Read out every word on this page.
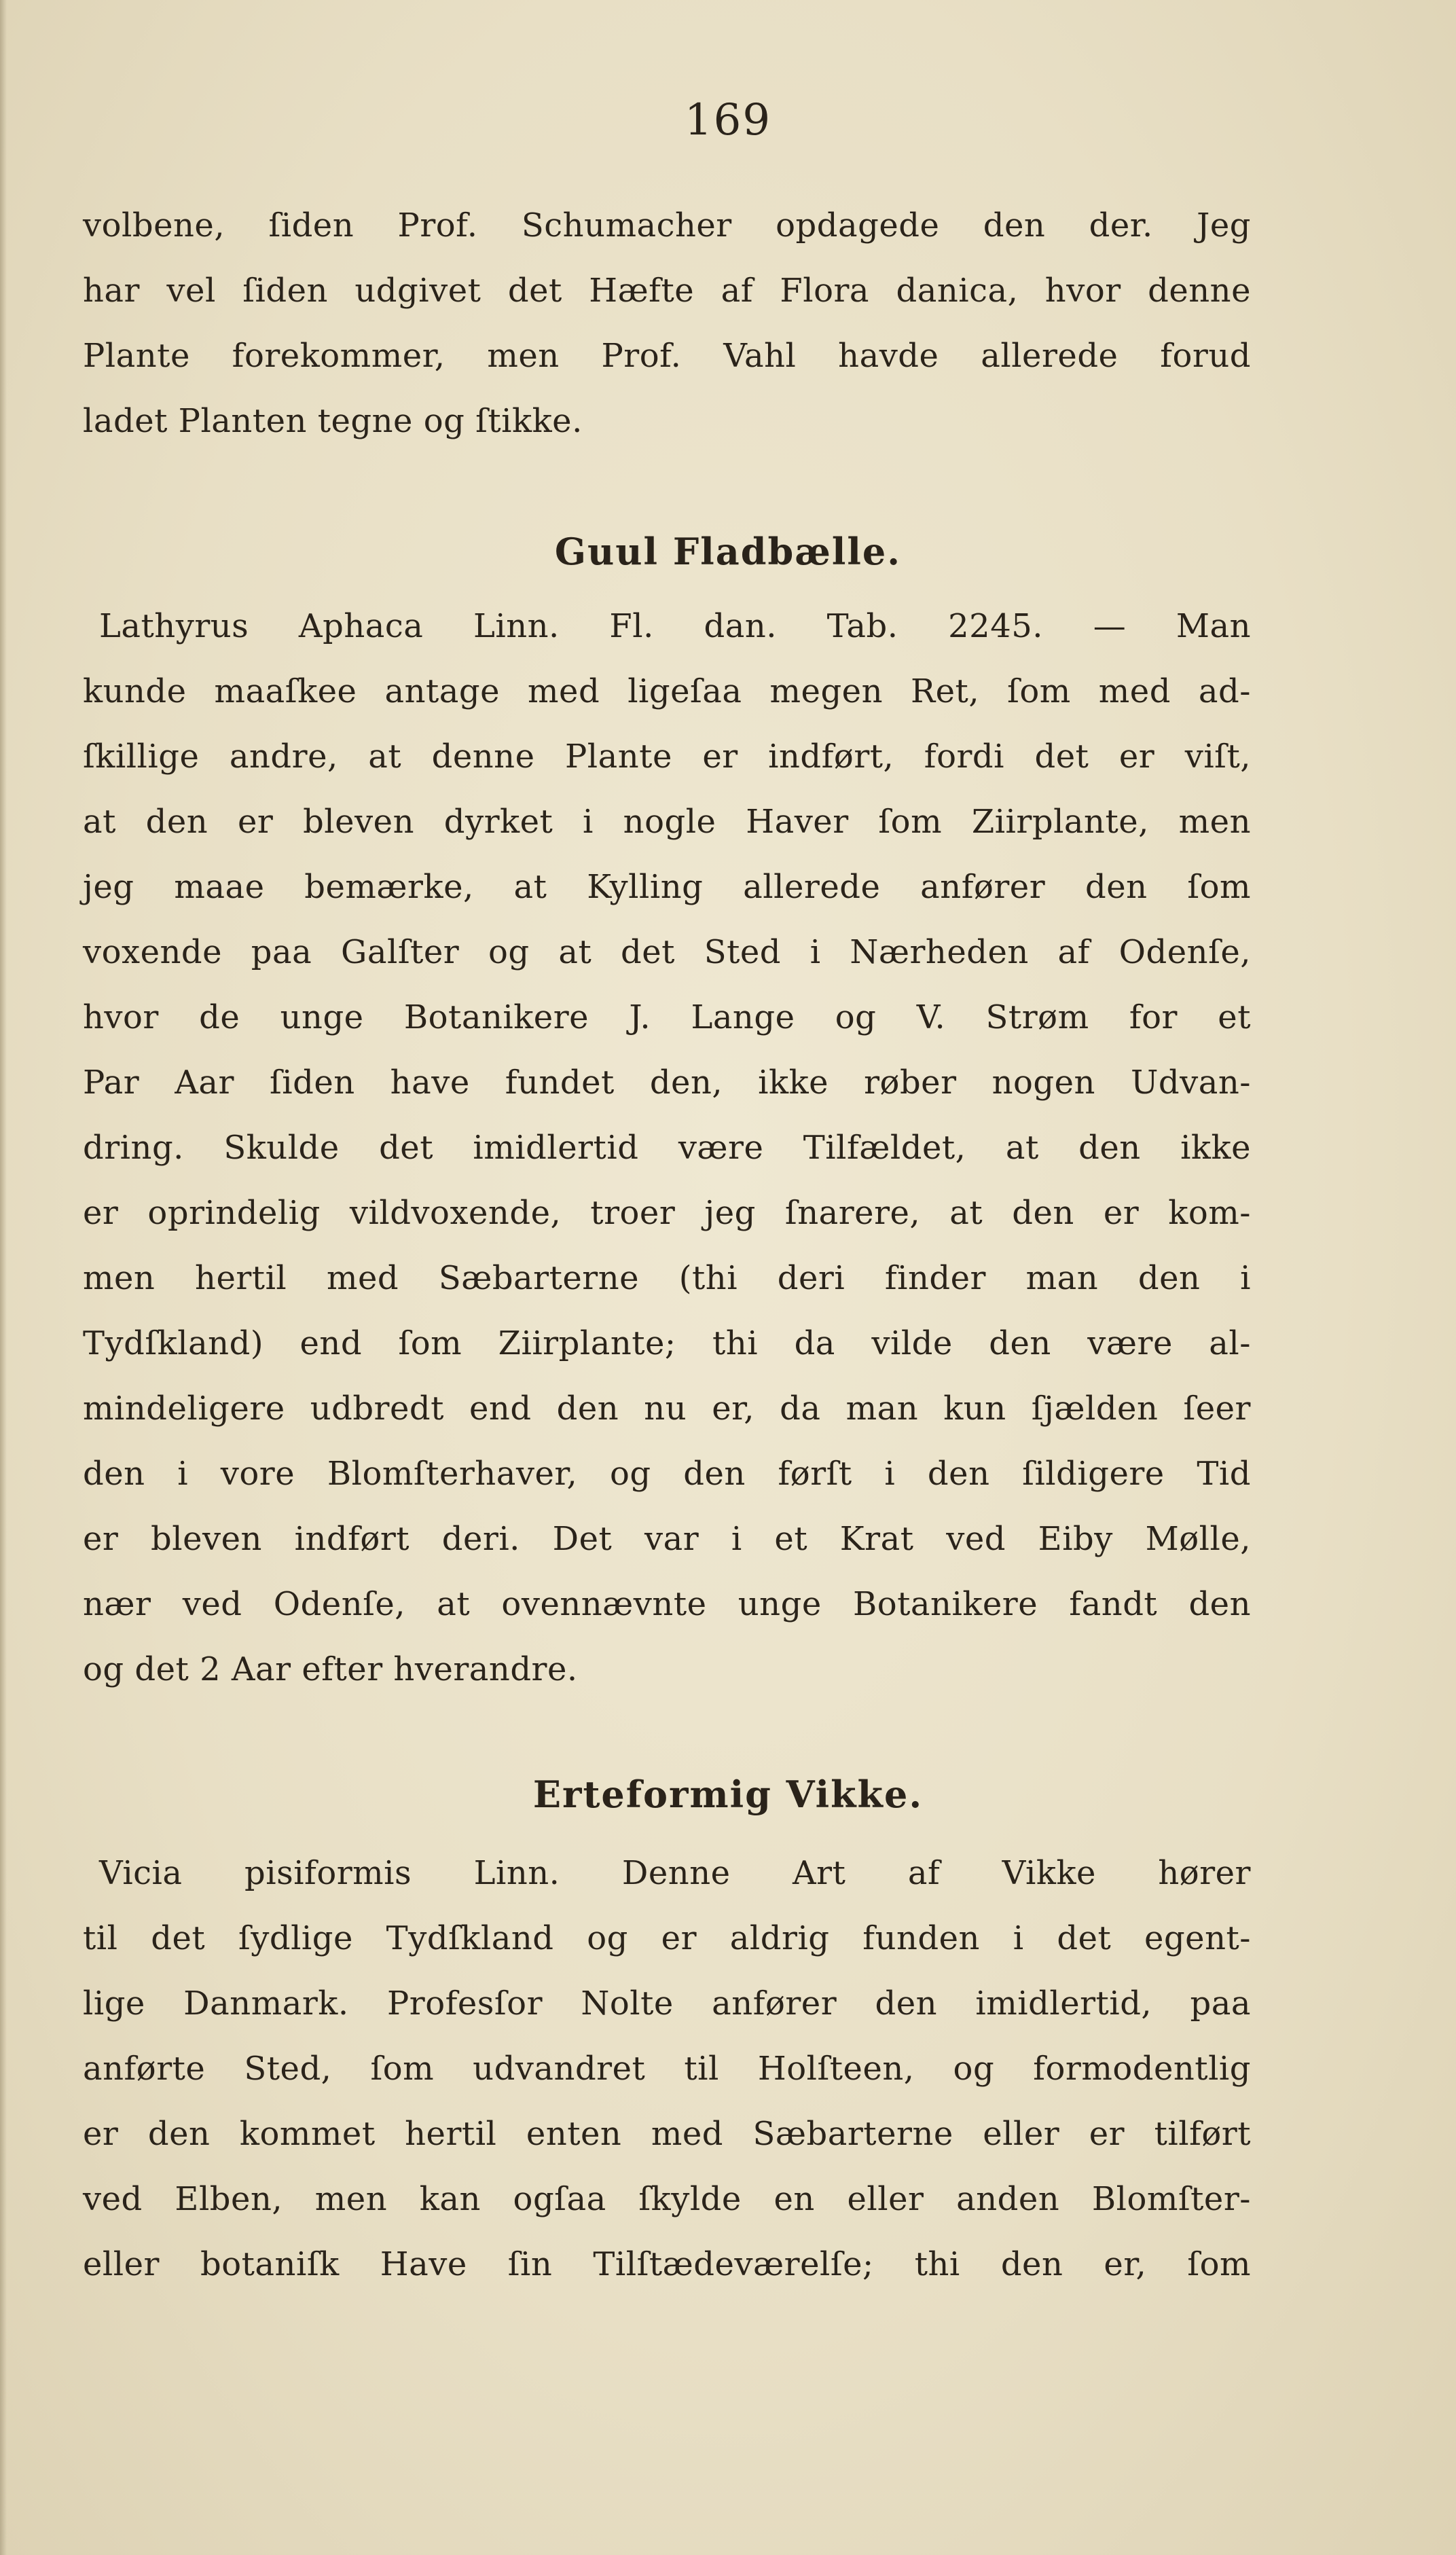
169
volbene, ſiden Prof. Schumacher opdagede den der. Jeg
har vel ſiden udgivet det Hæfte af Flora danica, hvor denne
Plante forekommer, men Prof. Vahl havde allerede forud
ladet Planten tegne og ſtikke.
Guul Fladbælle.
Lathyrus Aphaca Linn. Fl. dan. Tab. 2245. — Man
kunde maaſkee antage med ligeſaa megen Ret, ſom med ad-
ſkillige andre, at denne Plante er indført, fordi det er viſt,
at den er bleven dyrket i nogle Haver ſom Ziirplante, men
jeg maae bemærke, at Kylling allerede anfører den ſom
voxende paa Galſter og at det Sted i Nærheden af Odenſe,
hvor de unge Botanikere J. Lange og V. Strøm for et
Par Aar ſiden have fundet den, ikke røber nogen Udvan-
dring. Skulde det imidlertid være Tilfældet, at den ikke
er oprindelig vildvoxende, troer jeg ſnarere, at den er kom-
men hertil med Sæbarterne (thi deri finder man den i
Tydſkland) end ſom Ziirplante; thi da vilde den være al-
mindeligere udbredt end den nu er, da man kun ſjælden ſeer
den i vore Blomſterhaver, og den førſt i den ſildigere Tid
er bleven indført deri. Det var i et Krat ved Eiby Mølle,
nær ved Odenſe, at ovennævnte unge Botanikere fandt den
og det 2 Aar efter hverandre.
Erteformig Vikke.
Vicia pisiformis Linn. Denne Art af Vikke hører
til det ſydlige Tydſkland og er aldrig funden i det egent-
lige Danmark. Profesſor Nolte anfører den imidlertid, paa
anførte Sted, ſom udvandret til Holſteen, og formodentlig
er den kommet hertil enten med Sæbarterne eller er tilført
ved Elben, men kan ogſaa ſkylde en eller anden Blomſter-
eller botaniſk Have ſin Tilſtædeværelſe; thi den er, ſom
